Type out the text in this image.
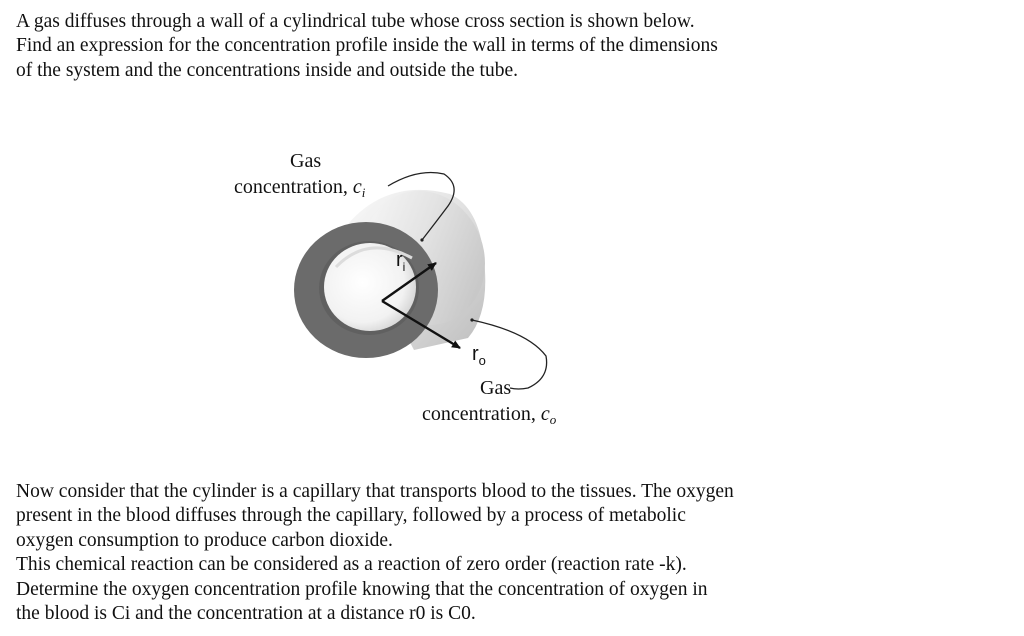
A gas diffuses through a wall of a cylindrical tube whose cross section is shown below.
Find an expression for the concentration profile inside the wall in terms of the dimensions
of the system and the concentrations inside and outside the tube.
Gas
concentration, $c_i$
$r_i$
$r_o$
Gas
concentration, $c_o$
Now consider that the cylinder is a capillary that transports blood to the tissues. The oxygen
present in the blood diffuses through the capillary, followed by a process of metabolic
oxygen consumption to produce carbon dioxide.
This chemical reaction can be considered as a reaction of zero order (reaction rate -k).
Determine the oxygen concentration profile knowing that the concentration of oxygen in
the blood is Ci and the concentration at a distance r0 is C0.
